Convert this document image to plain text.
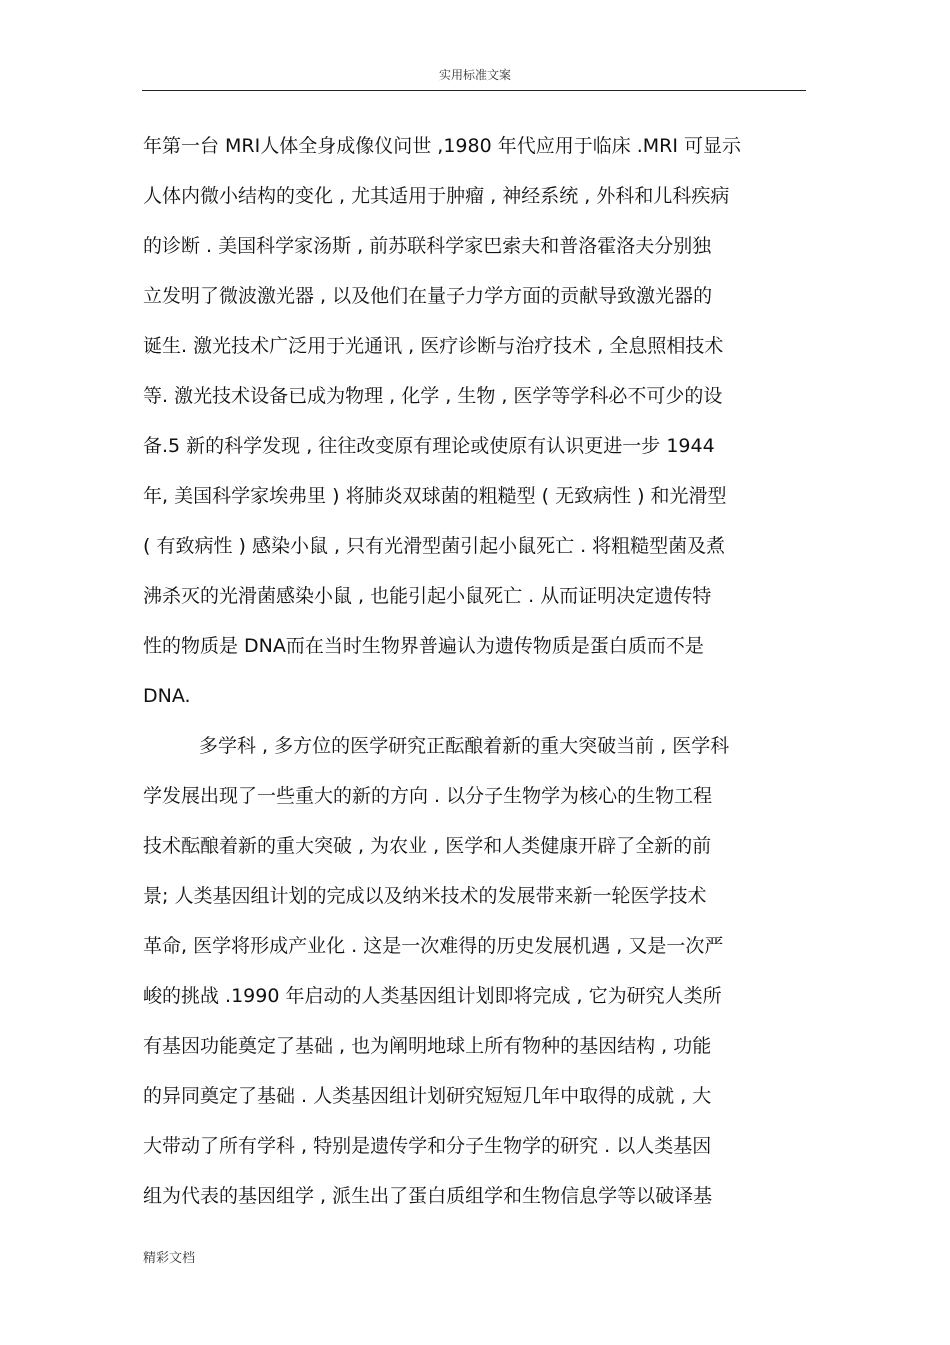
实用标准文案
年第一台 MRI人体全身成像仪问世 ,1980 年代应用于临床 .MRI 可显示
人体内微小结构的变化 , 尤其适用于肿瘤 , 神经系统 , 外科和儿科疾病
的诊断 . 美国科学家汤斯 , 前苏联科学家巴索夫和普洛霍洛夫分别独
立发明了微波激光器 , 以及他们在量子力学方面的贡献导致激光器的
诞生. 激光技术广泛用于光通讯 , 医疗诊断与治疗技术 , 全息照相技术
等. 激光技术设备已成为物理 , 化学 , 生物 , 医学等学科必不可少的设
备.5 新的科学发现 , 往往改变原有理论或使原有认识更进一步 1944
年, 美国科学家埃弗里 ) 将肺炎双球菌的粗糙型 ( 无致病性 ) 和光滑型
( 有致病性 ) 感染小鼠 , 只有光滑型菌引起小鼠死亡 . 将粗糙型菌及煮
沸杀灭的光滑菌感染小鼠 , 也能引起小鼠死亡 . 从而证明决定遗传特
性的物质是 DNA而在当时生物界普遍认为遗传物质是蛋白质而不是
DNA.
多学科 , 多方位的医学研究正酝酿着新的重大突破当前 , 医学科
学发展出现了一些重大的新的方向 . 以分子生物学为核心的生物工程
技术酝酿着新的重大突破 , 为农业 , 医学和人类健康开辟了全新的前
景; 人类基因组计划的完成以及纳米技术的发展带来新一轮医学技术
革命, 医学将形成产业化 . 这是一次难得的历史发展机遇 , 又是一次严
峻的挑战 .1990 年启动的人类基因组计划即将完成 , 它为研究人类所
有基因功能奠定了基础 , 也为阐明地球上所有物种的基因结构 , 功能
的异同奠定了基础 . 人类基因组计划研究短短几年中取得的成就 , 大
大带动了所有学科 , 特别是遗传学和分子生物学的研究 . 以人类基因
组为代表的基因组学 , 派生出了蛋白质组学和生物信息学等以破译基
精彩文档
